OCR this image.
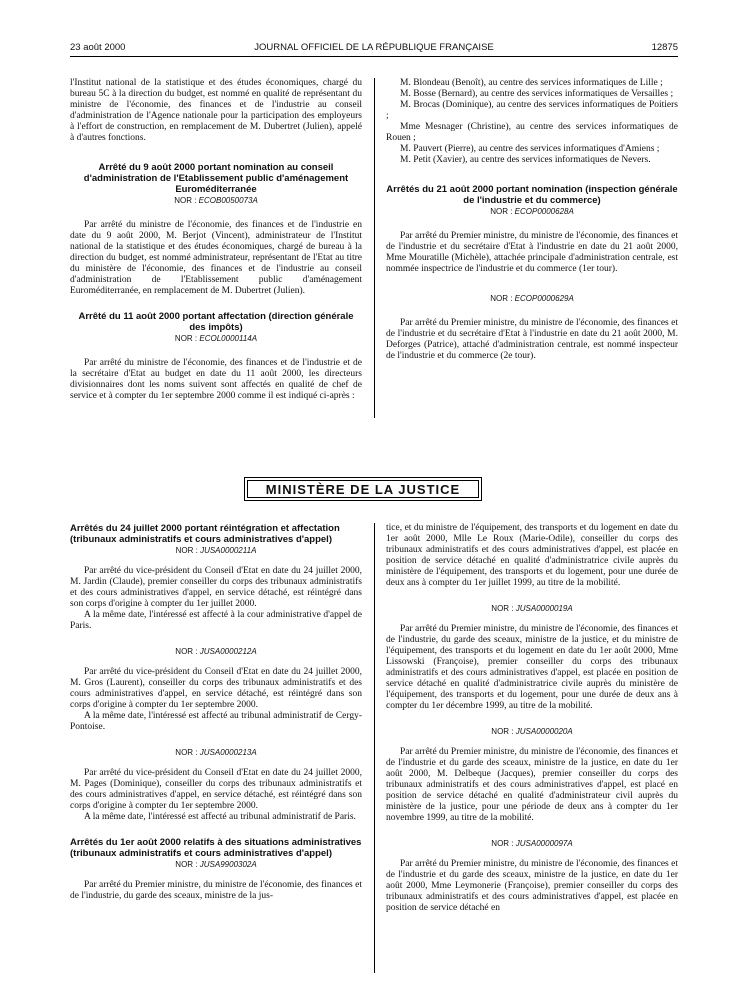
23 août 2000	JOURNAL OFFICIEL DE LA RÉPUBLIQUE FRANÇAISE	12875

l'Institut national de la statistique et des études économiques, chargé du bureau 5C à la direction du budget, est nommé en qualité de représentant du ministre de l'économie, des finances et de l'industrie au conseil d'administration de l'Agence nationale pour la participation des employeurs à l'effort de construction, en remplacement de M. Dubertret (Julien), appelé à d'autres fonctions.

Arrêté du 9 août 2000 portant nomination au conseil d'administration de l'Etablissement public d'aménagement Euroméditerranée

NOR : ECOB0050073A

Par arrêté du ministre de l'économie, des finances et de l'industrie en date du 9 août 2000, M. Berjot (Vincent), administrateur de l'Institut national de la statistique et des études économiques, chargé de bureau à la direction du budget, est nommé administrateur, représentant de l'Etat au titre du ministère de l'économie, des finances et de l'industrie au conseil d'administration de l'Etablissement public d'aménagement Euroméditerranée, en remplacement de M. Dubertret (Julien).

Arrêté du 11 août 2000 portant affectation (direction générale des impôts)

NOR : ECOL0000114A

Par arrêté du ministre de l'économie, des finances et de l'industrie et de la secrétaire d'Etat au budget en date du 11 août 2000, les directeurs divisionnaires dont les noms suivent sont affectés en qualité de chef de service et à compter du 1er septembre 2000 comme il est indiqué ci-après :

M. Blondeau (Benoît), au centre des services informatiques de Lille ;

M. Bosse (Bernard), au centre des services informatiques de Versailles ;

M. Brocas (Dominique), au centre des services informatiques de Poitiers ;

Mme Mesnager (Christine), au centre des services informatiques de Rouen ;

M. Pauvert (Pierre), au centre des services informatiques d'Amiens ;

M. Petit (Xavier), au centre des services informatiques de Nevers.

Arrêtés du 21 août 2000 portant nomination (inspection générale de l'industrie et du commerce)

NOR : ECOP0000628A

Par arrêté du Premier ministre, du ministre de l'économie, des finances et de l'industrie et du secrétaire d'Etat à l'industrie en date du 21 août 2000, Mme Mouratille (Michèle), attachée principale d'administration centrale, est nommée inspectrice de l'industrie et du commerce (1er tour).

NOR : ECOP0000629A

Par arrêté du Premier ministre, du ministre de l'économie, des finances et de l'industrie et du secrétaire d'Etat à l'industrie en date du 21 août 2000, M. Deforges (Patrice), attaché d'administration centrale, est nommé inspecteur de l'industrie et du commerce (2e tour).

MINISTÈRE DE LA JUSTICE

Arrêtés du 24 juillet 2000 portant réintégration et affectation (tribunaux administratifs et cours administratives d'appel)

NOR : JUSA0000211A

Par arrêté du vice-président du Conseil d'Etat en date du 24 juillet 2000, M. Jardin (Claude), premier conseiller du corps des tribunaux administratifs et des cours administratives d'appel, en service détaché, est réintégré dans son corps d'origine à compter du 1er juillet 2000.

A la même date, l'intéressé est affecté à la cour administrative d'appel de Paris.

NOR : JUSA0000212A

Par arrêté du vice-président du Conseil d'Etat en date du 24 juillet 2000, M. Gros (Laurent), conseiller du corps des tribunaux administratifs et des cours administratives d'appel, en service détaché, est réintégré dans son corps d'origine à compter du 1er septembre 2000.

A la même date, l'intéressé est affecté au tribunal administratif de Cergy-Pontoise.

NOR : JUSA0000213A

Par arrêté du vice-président du Conseil d'Etat en date du 24 juillet 2000, M. Pages (Dominique), conseiller du corps des tribunaux administratifs et des cours administratives d'appel, en service détaché, est réintégré dans son corps d'origine à compter du 1er septembre 2000.

A la même date, l'intéressé est affecté au tribunal administratif de Paris.

Arrêtés du 1er août 2000 relatifs à des situations administratives (tribunaux administratifs et cours administratives d'appel)

NOR : JUSA9900302A

Par arrêté du Premier ministre, du ministre de l'économie, des finances et de l'industrie, du garde des sceaux, ministre de la jus-

tice, et du ministre de l'équipement, des transports et du logement en date du 1er août 2000, Mlle Le Roux (Marie-Odile), conseiller du corps des tribunaux administratifs et des cours administratives d'appel, est placée en position de service détaché en qualité d'administratrice civile auprès du ministère de l'équipement, des transports et du logement, pour une durée de deux ans à compter du 1er juillet 1999, au titre de la mobilité.

NOR : JUSA0000019A

Par arrêté du Premier ministre, du ministre de l'économie, des finances et de l'industrie, du garde des sceaux, ministre de la justice, et du ministre de l'équipement, des transports et du logement en date du 1er août 2000, Mme Lissowski (Françoise), premier conseiller du corps des tribunaux administratifs et des cours administratives d'appel, est placée en position de service détaché en qualité d'administratrice civile auprès du ministère de l'équipement, des transports et du logement, pour une durée de deux ans à compter du 1er décembre 1999, au titre de la mobilité.

NOR : JUSA0000020A

Par arrêté du Premier ministre, du ministre de l'économie, des finances et de l'industrie et du garde des sceaux, ministre de la justice, en date du 1er août 2000, M. Delbeque (Jacques), premier conseiller du corps des tribunaux administratifs et des cours administratives d'appel, est placé en position de service détaché en qualité d'administrateur civil auprès du ministère de la justice, pour une période de deux ans à compter du 1er novembre 1999, au titre de la mobilité.

NOR : JUSA0000097A

Par arrêté du Premier ministre, du ministre de l'économie, des finances et de l'industrie et du garde des sceaux, ministre de la justice, en date du 1er août 2000, Mme Leymonerie (Françoise), premier conseiller du corps des tribunaux administratifs et des cours administratives d'appel, est placée en position de service détaché en
